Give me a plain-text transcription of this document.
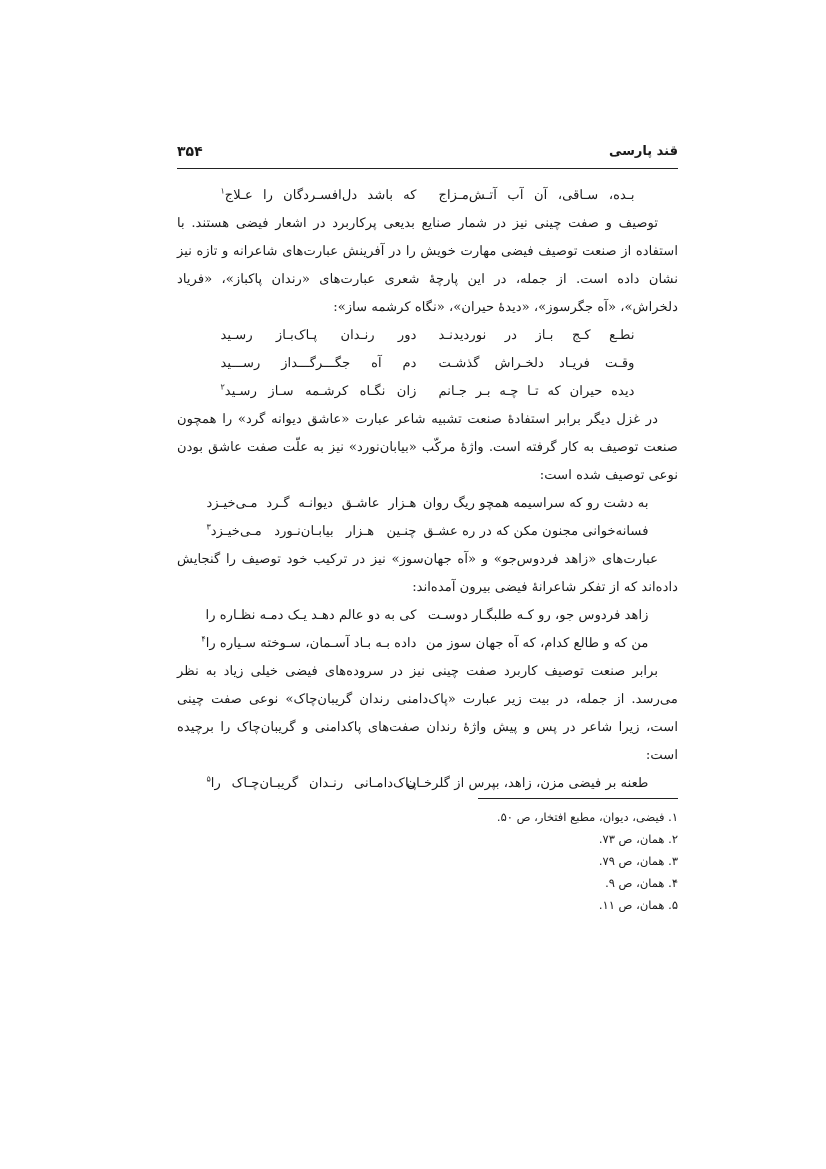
قند پارسی
۳۵۴
بـده، سـاقی، آن آب آتـش‌مـزاج
که باشد دل‌افسـردگان را عـلاج$^۱$

توصیف و صفت چینی نیز در شمار صنایع بدیعی پرکاربرد در اشعار فیضی هستند. با استفاده از صنعت توصیف فیضی مهارت خویش را در آفرینش عبارت‌های شاعرانه و تازه نیز نشان داده است. از جمله، در این پارچهٔ شعری عبارت‌های «رندان پاکباز»، «فریاد دلخراش»، «آه جگرسوز»، «دیدهٔ حیران»، «نگاه کرشمه ساز»:

نطـع کـج بـاز در نوردیدنـد
دور رنـدان پـاک‌بـاز رسـید
وقـت فریـاد دلخـراش گذشـت
دم آه جگـــرگـــداز رســـید
دیده حیران که تـا چـه بـر جـانم
زان نگـاه کرشـمه سـاز رسـید$^۲$

در غزل دیگر برابر استفادهٔ صنعت تشبیه شاعر عبارت «عاشق دیوانه گرد» را همچون صنعت توصیف به کار گرفته است. واژهٔ مرکّب «بیابان‌نورد» نیز به علّت صفت عاشق بودن نوعی توصیف شده است:

به دشت رو که سراسیمه همچو ریگ روان
هـزار عاشـق دیوانـه گـرد مـی‌خیـزد
فسانه‌خوانی مجنون مکن که در ره عشـق
چنـین هـزار بیابـان‌نـورد مـی‌خیـزد$^۳$

عبارت‌های «زاهد فردوس‌جو» و «آه جهان‌سوز» نیز در ترکیب خود توصیف را گنجایش داده‌اند که از تفکر شاعرانهٔ فیضی بیرون آمده‌اند:

زاهد فردوس جو، رو کـه طلبگـار دوسـت
کی به دو عالم دهـد یـک دمـه نظـاره را
من که و طالع کدام، که آه جهان سوز من
داده بـه بـاد آسـمان، سـوخته سـیاره را$^۴$

برابر صنعت توصیف کاربرد صفت چینی نیز در سروده‌های فیضی خیلی زیاد به نظر می‌رسد. از جمله، در بیت زیر عبارت «پاک‌دامنی رندان گریبان‌چاک» نوعی صفت چینی است، زیرا شاعر در پس و پیش واژهٔ رندان صفت‌های پاکدامنی و گریبان‌چاک را برچیده است:

طعنه بر فیضی مزن، زاهد، بپرس از گلرخـان
پـاک‌دامـانی رنـدان گریبـان‌چـاک را$^۵$
۱. فیضی، دیوان، مطبع افتخار، ص ۵۰.
۲. همان، ص ۷۳.
۳. همان، ص ۷۹.
۴. همان، ص ۹.
۵. همان، ص ۱۱.
